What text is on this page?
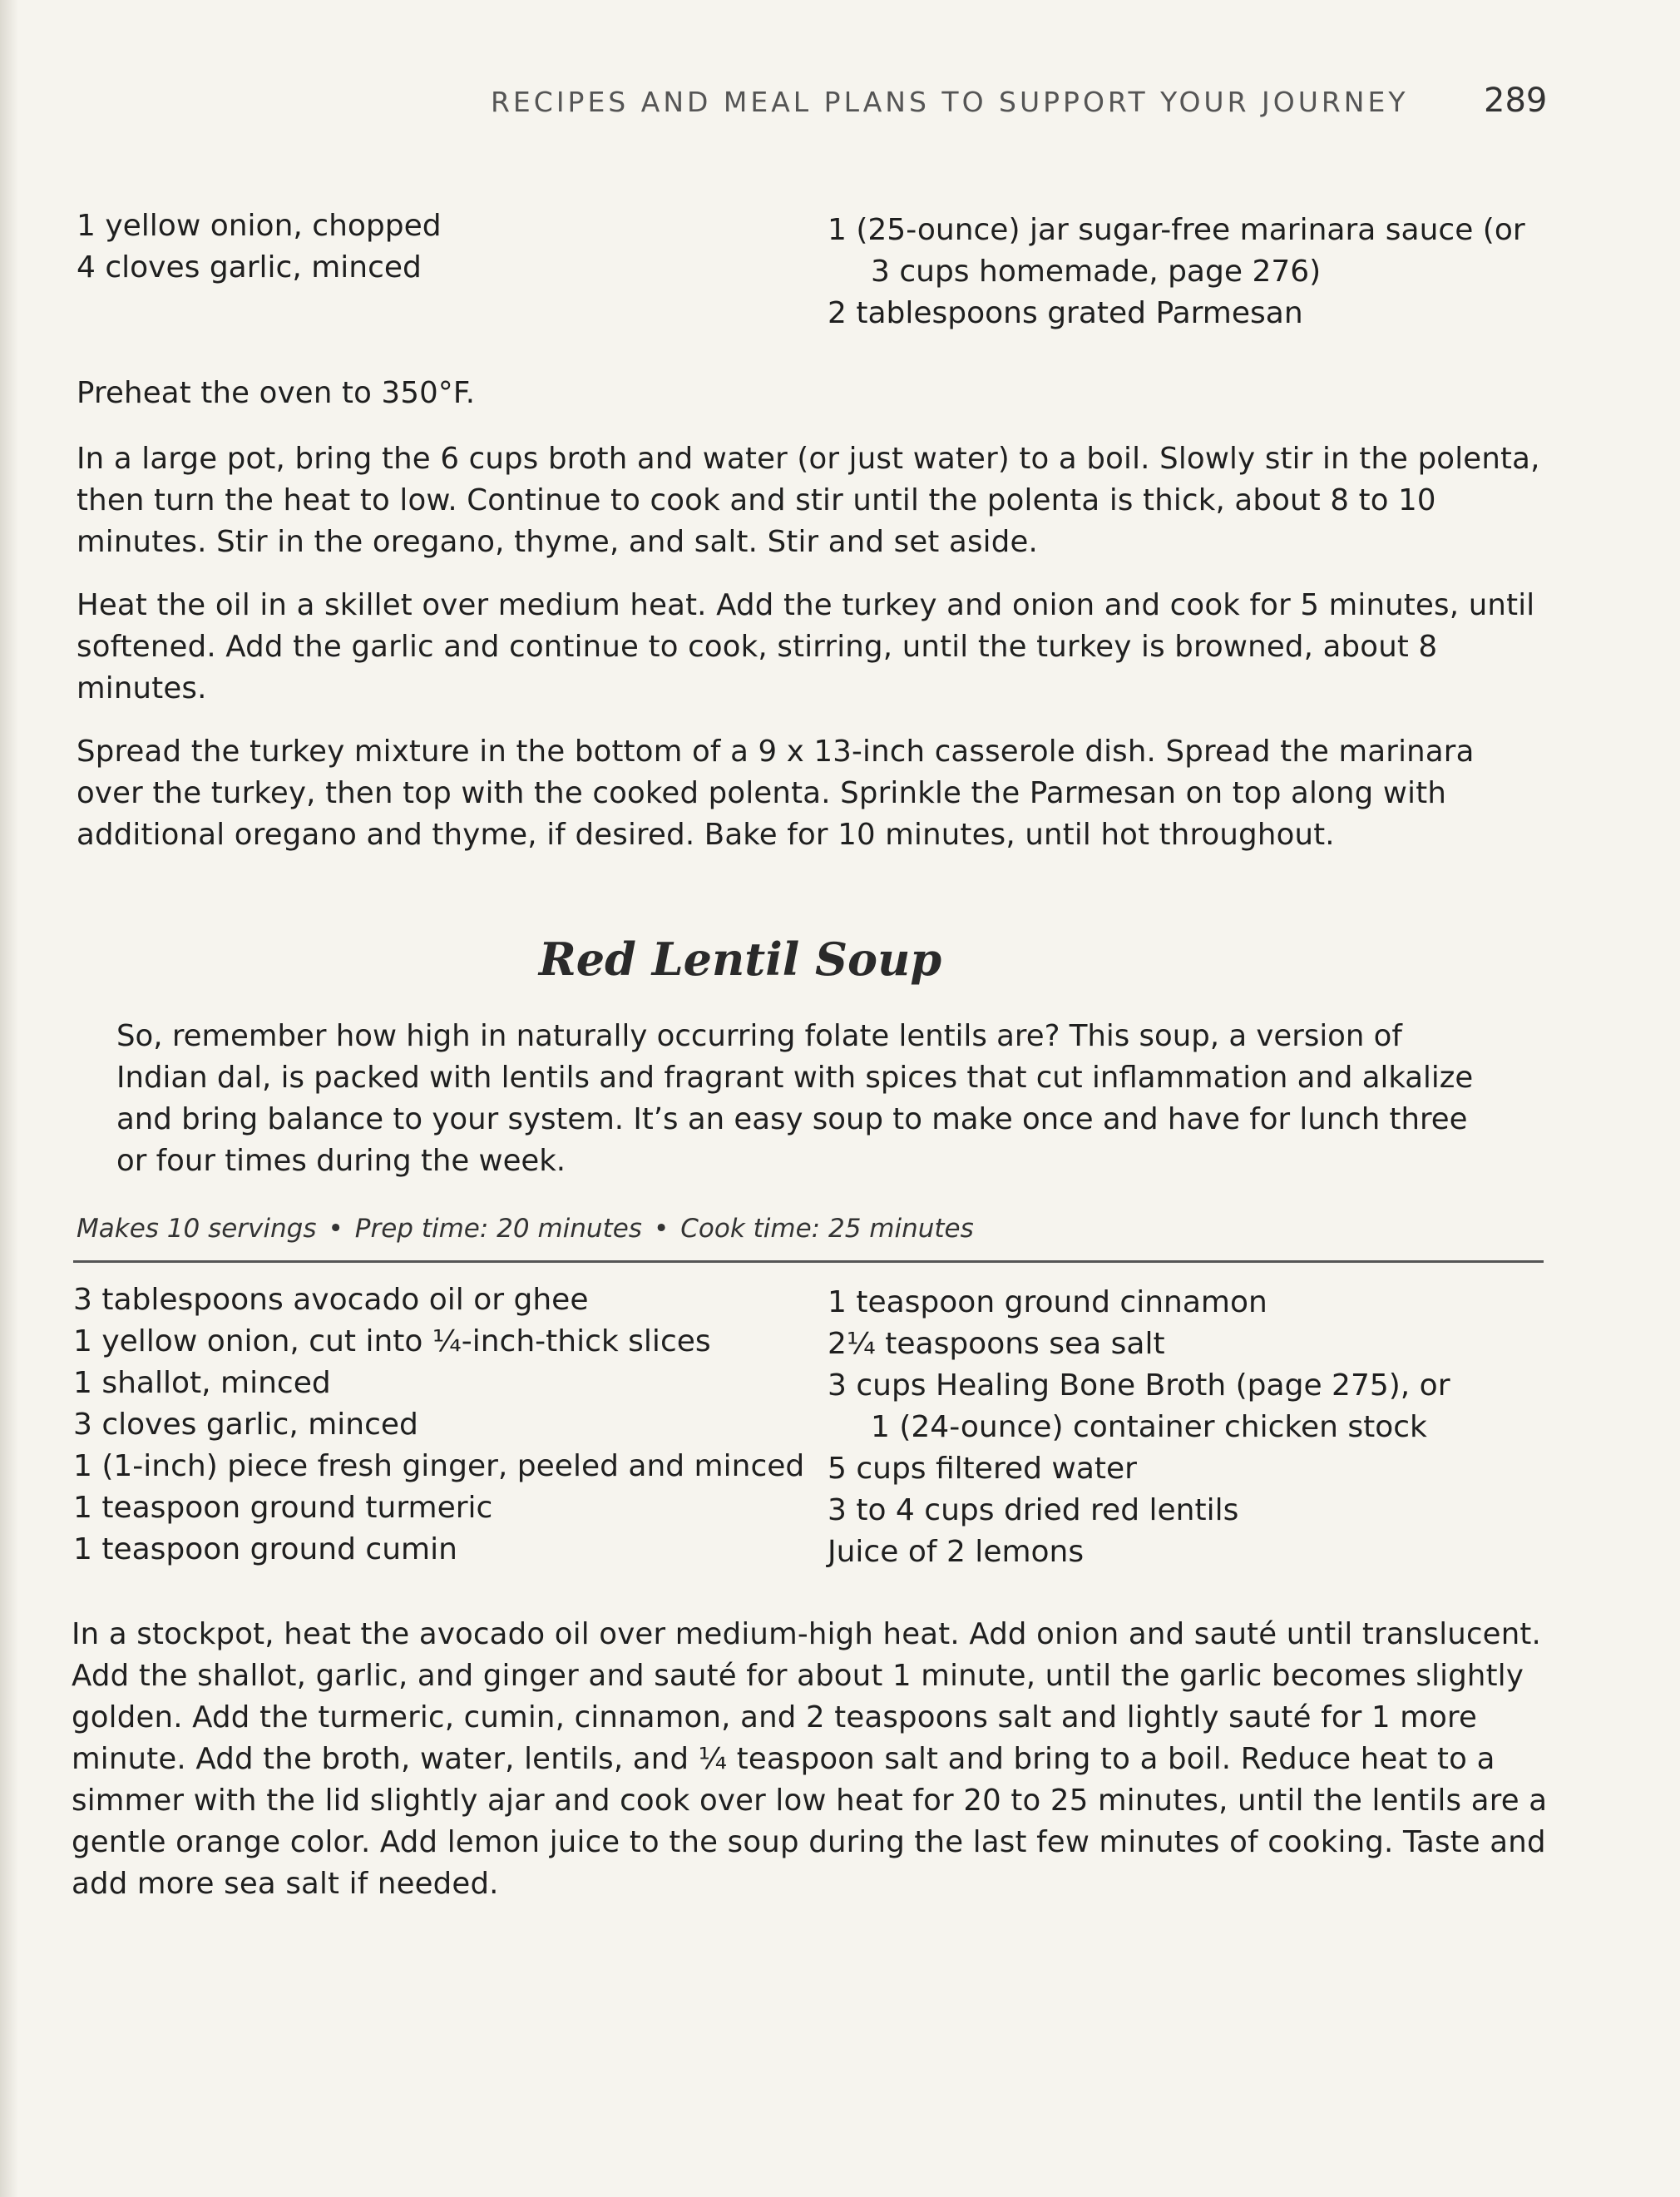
RECIPES AND MEAL PLANS TO SUPPORT YOUR JOURNEY 289
1 yellow onion, chopped
4 cloves garlic, minced
1 (25-ounce) jar sugar-free marinara sauce (or
3 cups homemade, page 276)
2 tablespoons grated Parmesan
Preheat the oven to 350°F.
In a large pot, bring the 6 cups broth and water (or just water) to a boil. Slowly stir in the polenta, then turn the heat to low. Continue to cook and stir until the polenta is thick, about 8 to 10 minutes. Stir in the oregano, thyme, and salt. Stir and set aside.
Heat the oil in a skillet over medium heat. Add the turkey and onion and cook for 5 minutes, until softened. Add the garlic and continue to cook, stirring, until the turkey is browned, about 8 minutes.
Spread the turkey mixture in the bottom of a 9 x 13-inch casserole dish. Spread the marinara over the turkey, then top with the cooked polenta. Sprinkle the Parmesan on top along with additional oregano and thyme, if desired. Bake for 10 minutes, until hot throughout.
Red Lentil Soup
So, remember how high in naturally occurring folate lentils are? This soup, a version of Indian dal, is packed with lentils and fragrant with spices that cut inflammation and alkalize and bring balance to your system. It’s an easy soup to make once and have for lunch three or four times during the week.
Makes 10 servings • Prep time: 20 minutes • Cook time: 25 minutes
3 tablespoons avocado oil or ghee
1 yellow onion, cut into ¼-inch-thick slices
1 shallot, minced
3 cloves garlic, minced
1 (1-inch) piece fresh ginger, peeled and minced
1 teaspoon ground turmeric
1 teaspoon ground cumin
1 teaspoon ground cinnamon
2¼ teaspoons sea salt
3 cups Healing Bone Broth (page 275), or
1 (24-ounce) container chicken stock
5 cups filtered water
3 to 4 cups dried red lentils
Juice of 2 lemons
In a stockpot, heat the avocado oil over medium-high heat. Add onion and sauté until translucent. Add the shallot, garlic, and ginger and sauté for about 1 minute, until the garlic becomes slightly golden. Add the turmeric, cumin, cinnamon, and 2 teaspoons salt and lightly sauté for 1 more minute. Add the broth, water, lentils, and ¼ teaspoon salt and bring to a boil. Reduce heat to a simmer with the lid slightly ajar and cook over low heat for 20 to 25 minutes, until the lentils are a gentle orange color. Add lemon juice to the soup during the last few minutes of cooking. Taste and add more sea salt if needed.
